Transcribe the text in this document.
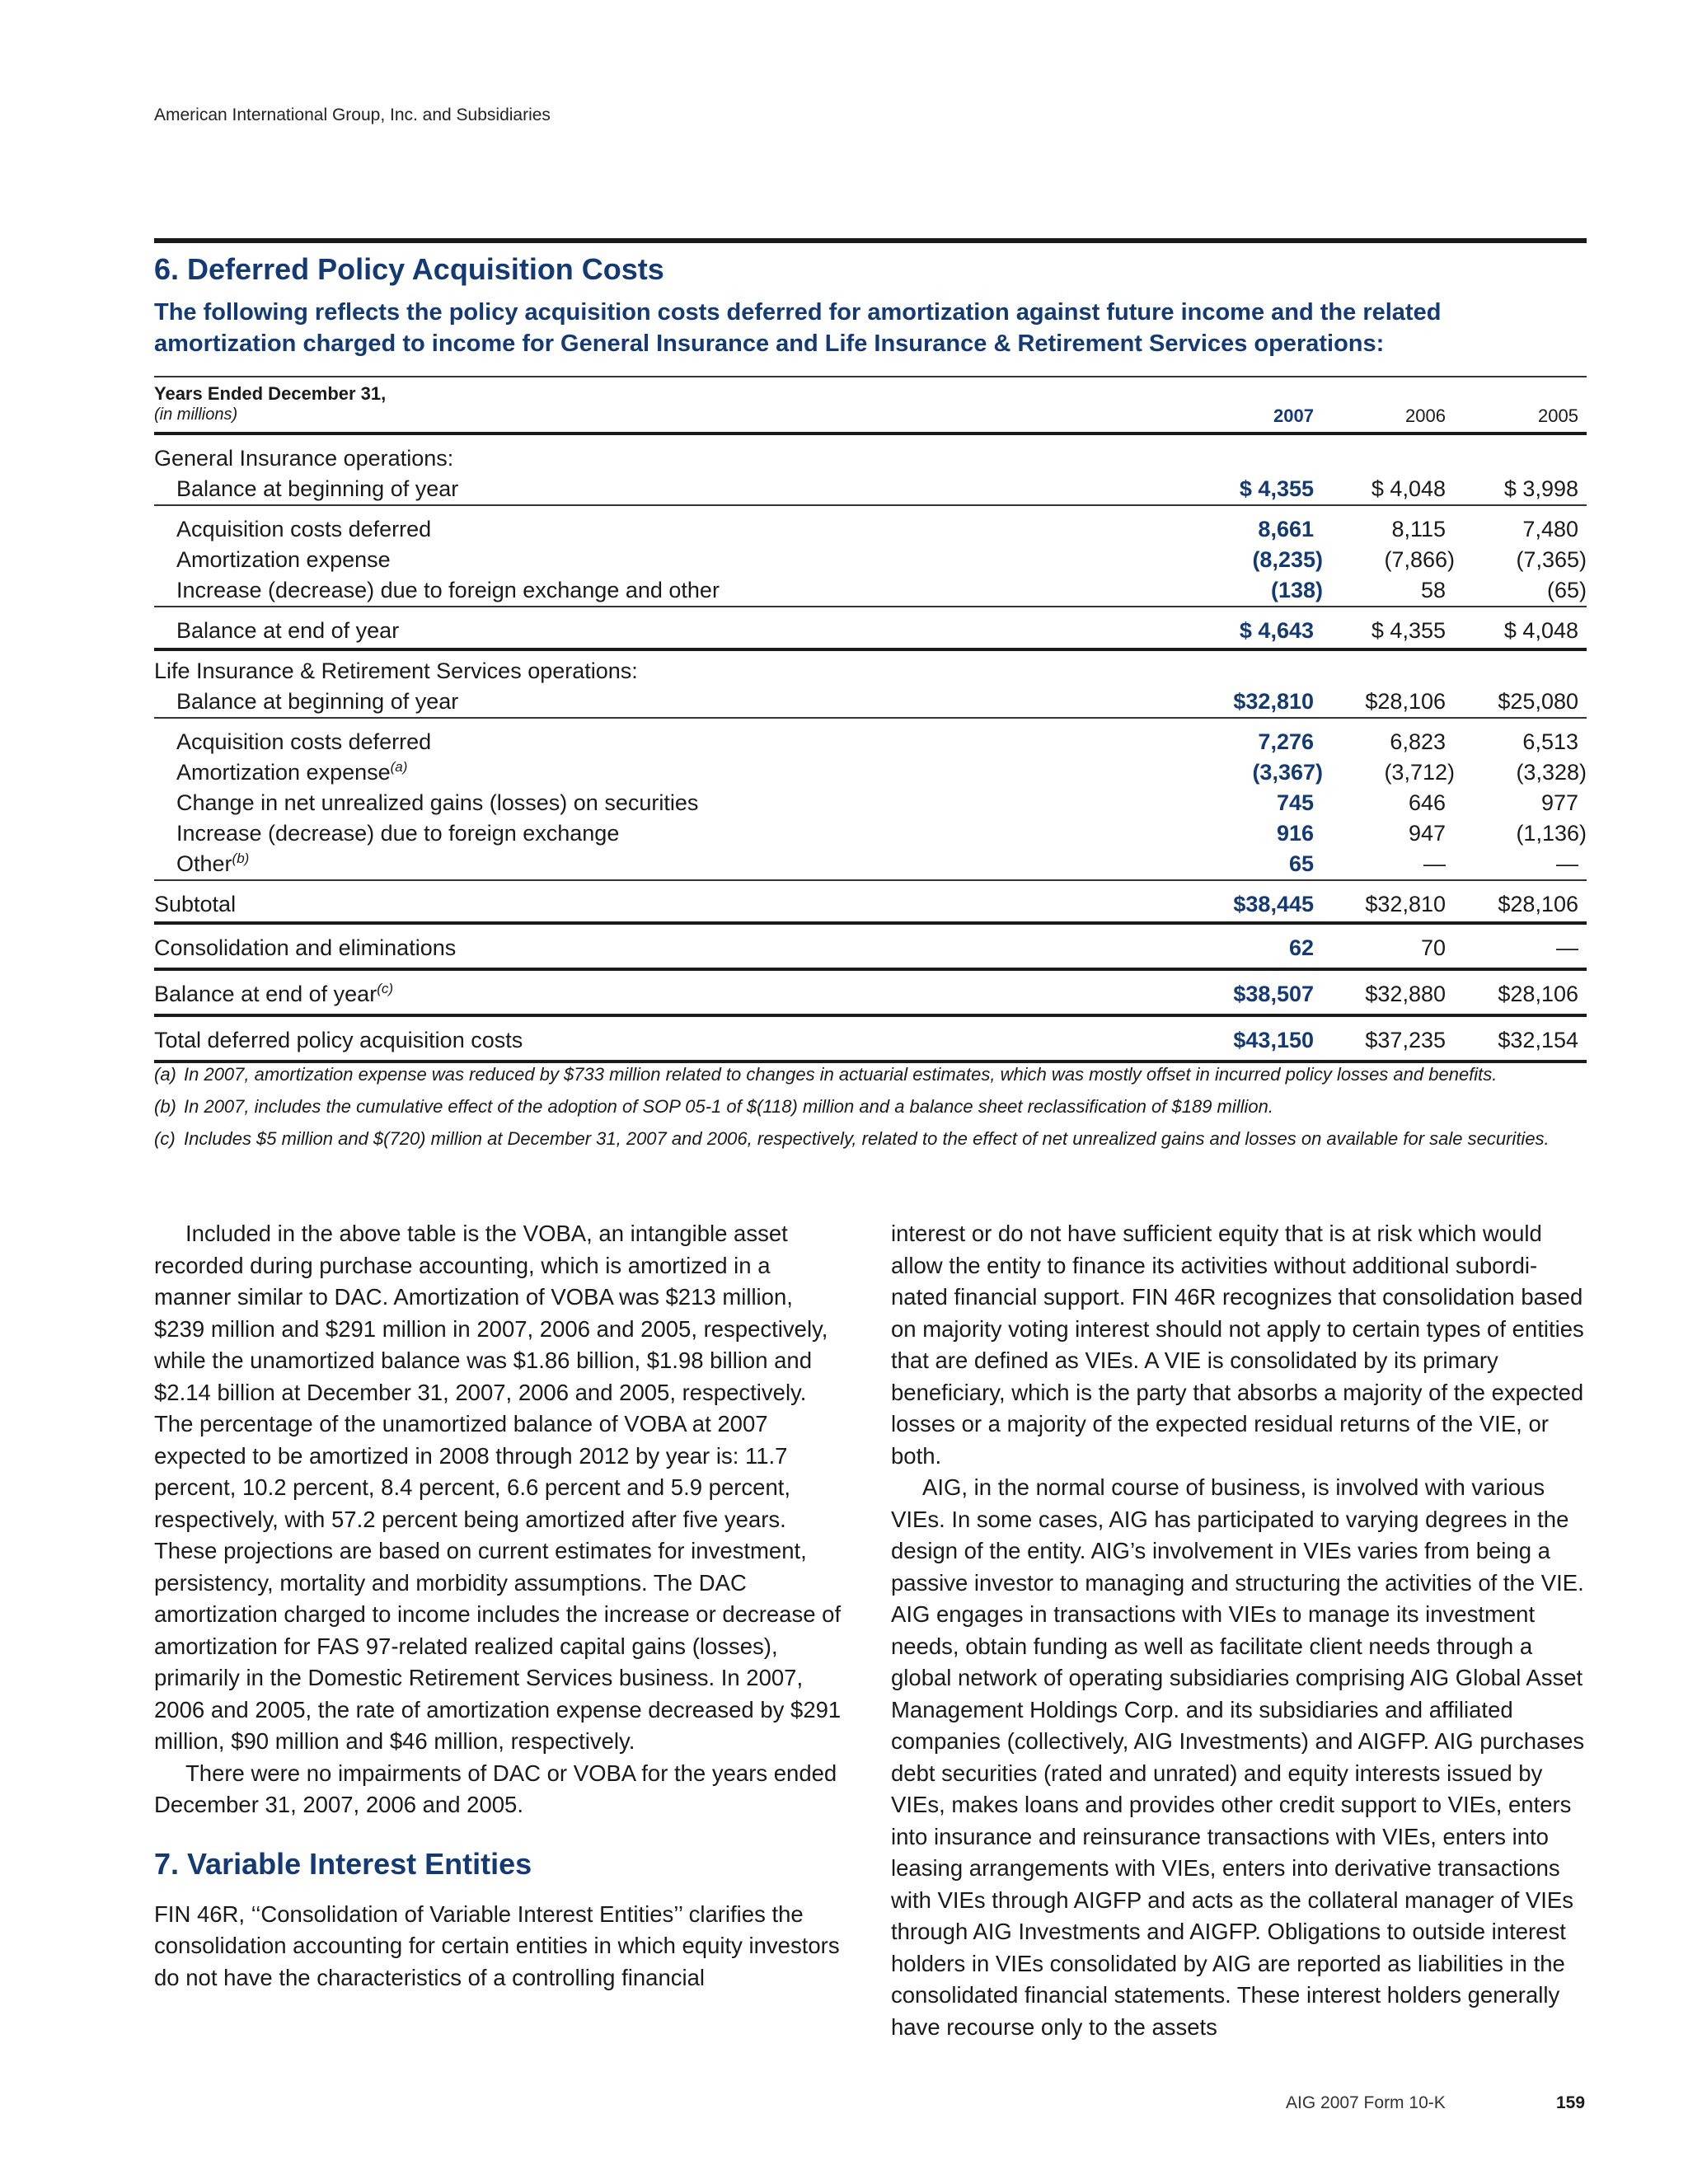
American International Group, Inc. and Subsidiaries
6. Deferred Policy Acquisition Costs
The following reflects the policy acquisition costs deferred for amortization against future income and the related amortization charged to income for General Insurance and Life Insurance & Retirement Services operations:
Years Ended December 31,
(in millions)	2007	2006	2005
General Insurance operations:
Balance at beginning of year	$ 4,355	$ 4,048	$ 3,998
Acquisition costs deferred	8,661	8,115	7,480
Amortization expense	(8,235)	(7,866)	(7,365)
Increase (decrease) due to foreign exchange and other	(138)	58	(65)
Balance at end of year	$ 4,643	$ 4,355	$ 4,048
Life Insurance & Retirement Services operations:
Balance at beginning of year	$32,810 $28,106 $25,080
Acquisition costs deferred	7,276	6,823	6,513
Amortization expense$^{(a)}$	(3,367)	(3,712)	(3,328)
Change in net unrealized gains (losses) on securities	745	646	977
Increase (decrease) due to foreign exchange	916	947	(1,136)
Other$^{(b)}$	65	—	—
Subtotal	$38,445 $32,810 $28,106
Consolidation and eliminations	62	70	—
Balance at end of year$^{(c)}$	$38,507 $32,880 $28,106
Total deferred policy acquisition costs	$43,150 $37,235 $32,154
(a) In 2007, amortization expense was reduced by $733 million related to changes in actuarial estimates, which was mostly offset in incurred policy losses and benefits.
(b) In 2007, includes the cumulative effect of the adoption of SOP 05-1 of $(118) million and a balance sheet reclassification of $189 million.
(c) Includes $5 million and $(720) million at December 31, 2007 and 2006, respectively, related to the effect of net unrealized gains and losses on available for sale securities.

Included in the above table is the VOBA, an intangible asset recorded during purchase accounting, which is amortized in a manner similar to DAC. Amortization of VOBA was $213 million, $239 million and $291 million in 2007, 2006 and 2005, respectively, while the unamortized balance was $1.86 billion, $1.98 billion and $2.14 billion at December 31, 2007, 2006 and 2005, respectively. The percentage of the unamortized balance of VOBA at 2007 expected to be amortized in 2008 through 2012 by year is: 11.7 percent, 10.2 percent, 8.4 percent, 6.6 percent and 5.9 percent, respectively, with 57.2 percent being amortized after five years. These projections are based on current estimates for investment, persistency, mortality and morbidity assumptions. The DAC amortization charged to income includes the increase or decrease of amortization for FAS 97-related realized capital gains (losses), primarily in the Domestic Retirement Services business. In 2007, 2006 and 2005, the rate of amortization expense decreased by $291 million, $90 million and $46 million, respectively.

There were no impairments of DAC or VOBA for the years ended December 31, 2007, 2006 and 2005.

7. Variable Interest Entities

FIN 46R, ‘‘Consolidation of Variable Interest Entities’’ clarifies the consolidation accounting for certain entities in which equity investors do not have the characteristics of a controlling financial

interest or do not have sufficient equity that is at risk which would allow the entity to finance its activities without additional subordi-nated financial support. FIN 46R recognizes that consolidation based on majority voting interest should not apply to certain types of entities that are defined as VIEs. A VIE is consolidated by its primary beneficiary, which is the party that absorbs a majority of the expected losses or a majority of the expected residual returns of the VIE, or both.

AIG, in the normal course of business, is involved with various VIEs. In some cases, AIG has participated to varying degrees in the design of the entity. AIG’s involvement in VIEs varies from being a passive investor to managing and structuring the activities of the VIE. AIG engages in transactions with VIEs to manage its investment needs, obtain funding as well as facilitate client needs through a global network of operating subsidiaries comprising AIG Global Asset Management Holdings Corp. and its subsidiaries and affiliated companies (collectively, AIG Investments) and AIGFP. AIG purchases debt securities (rated and unrated) and equity interests issued by VIEs, makes loans and provides other credit support to VIEs, enters into insurance and reinsurance transactions with VIEs, enters into leasing arrangements with VIEs, enters into derivative transactions with VIEs through AIGFP and acts as the collateral manager of VIEs through AIG Investments and AIGFP. Obligations to outside interest holders in VIEs consolidated by AIG are reported as liabilities in the consolidated financial statements. These interest holders generally have recourse only to the assets

AIG 2007 Form 10-K	159
